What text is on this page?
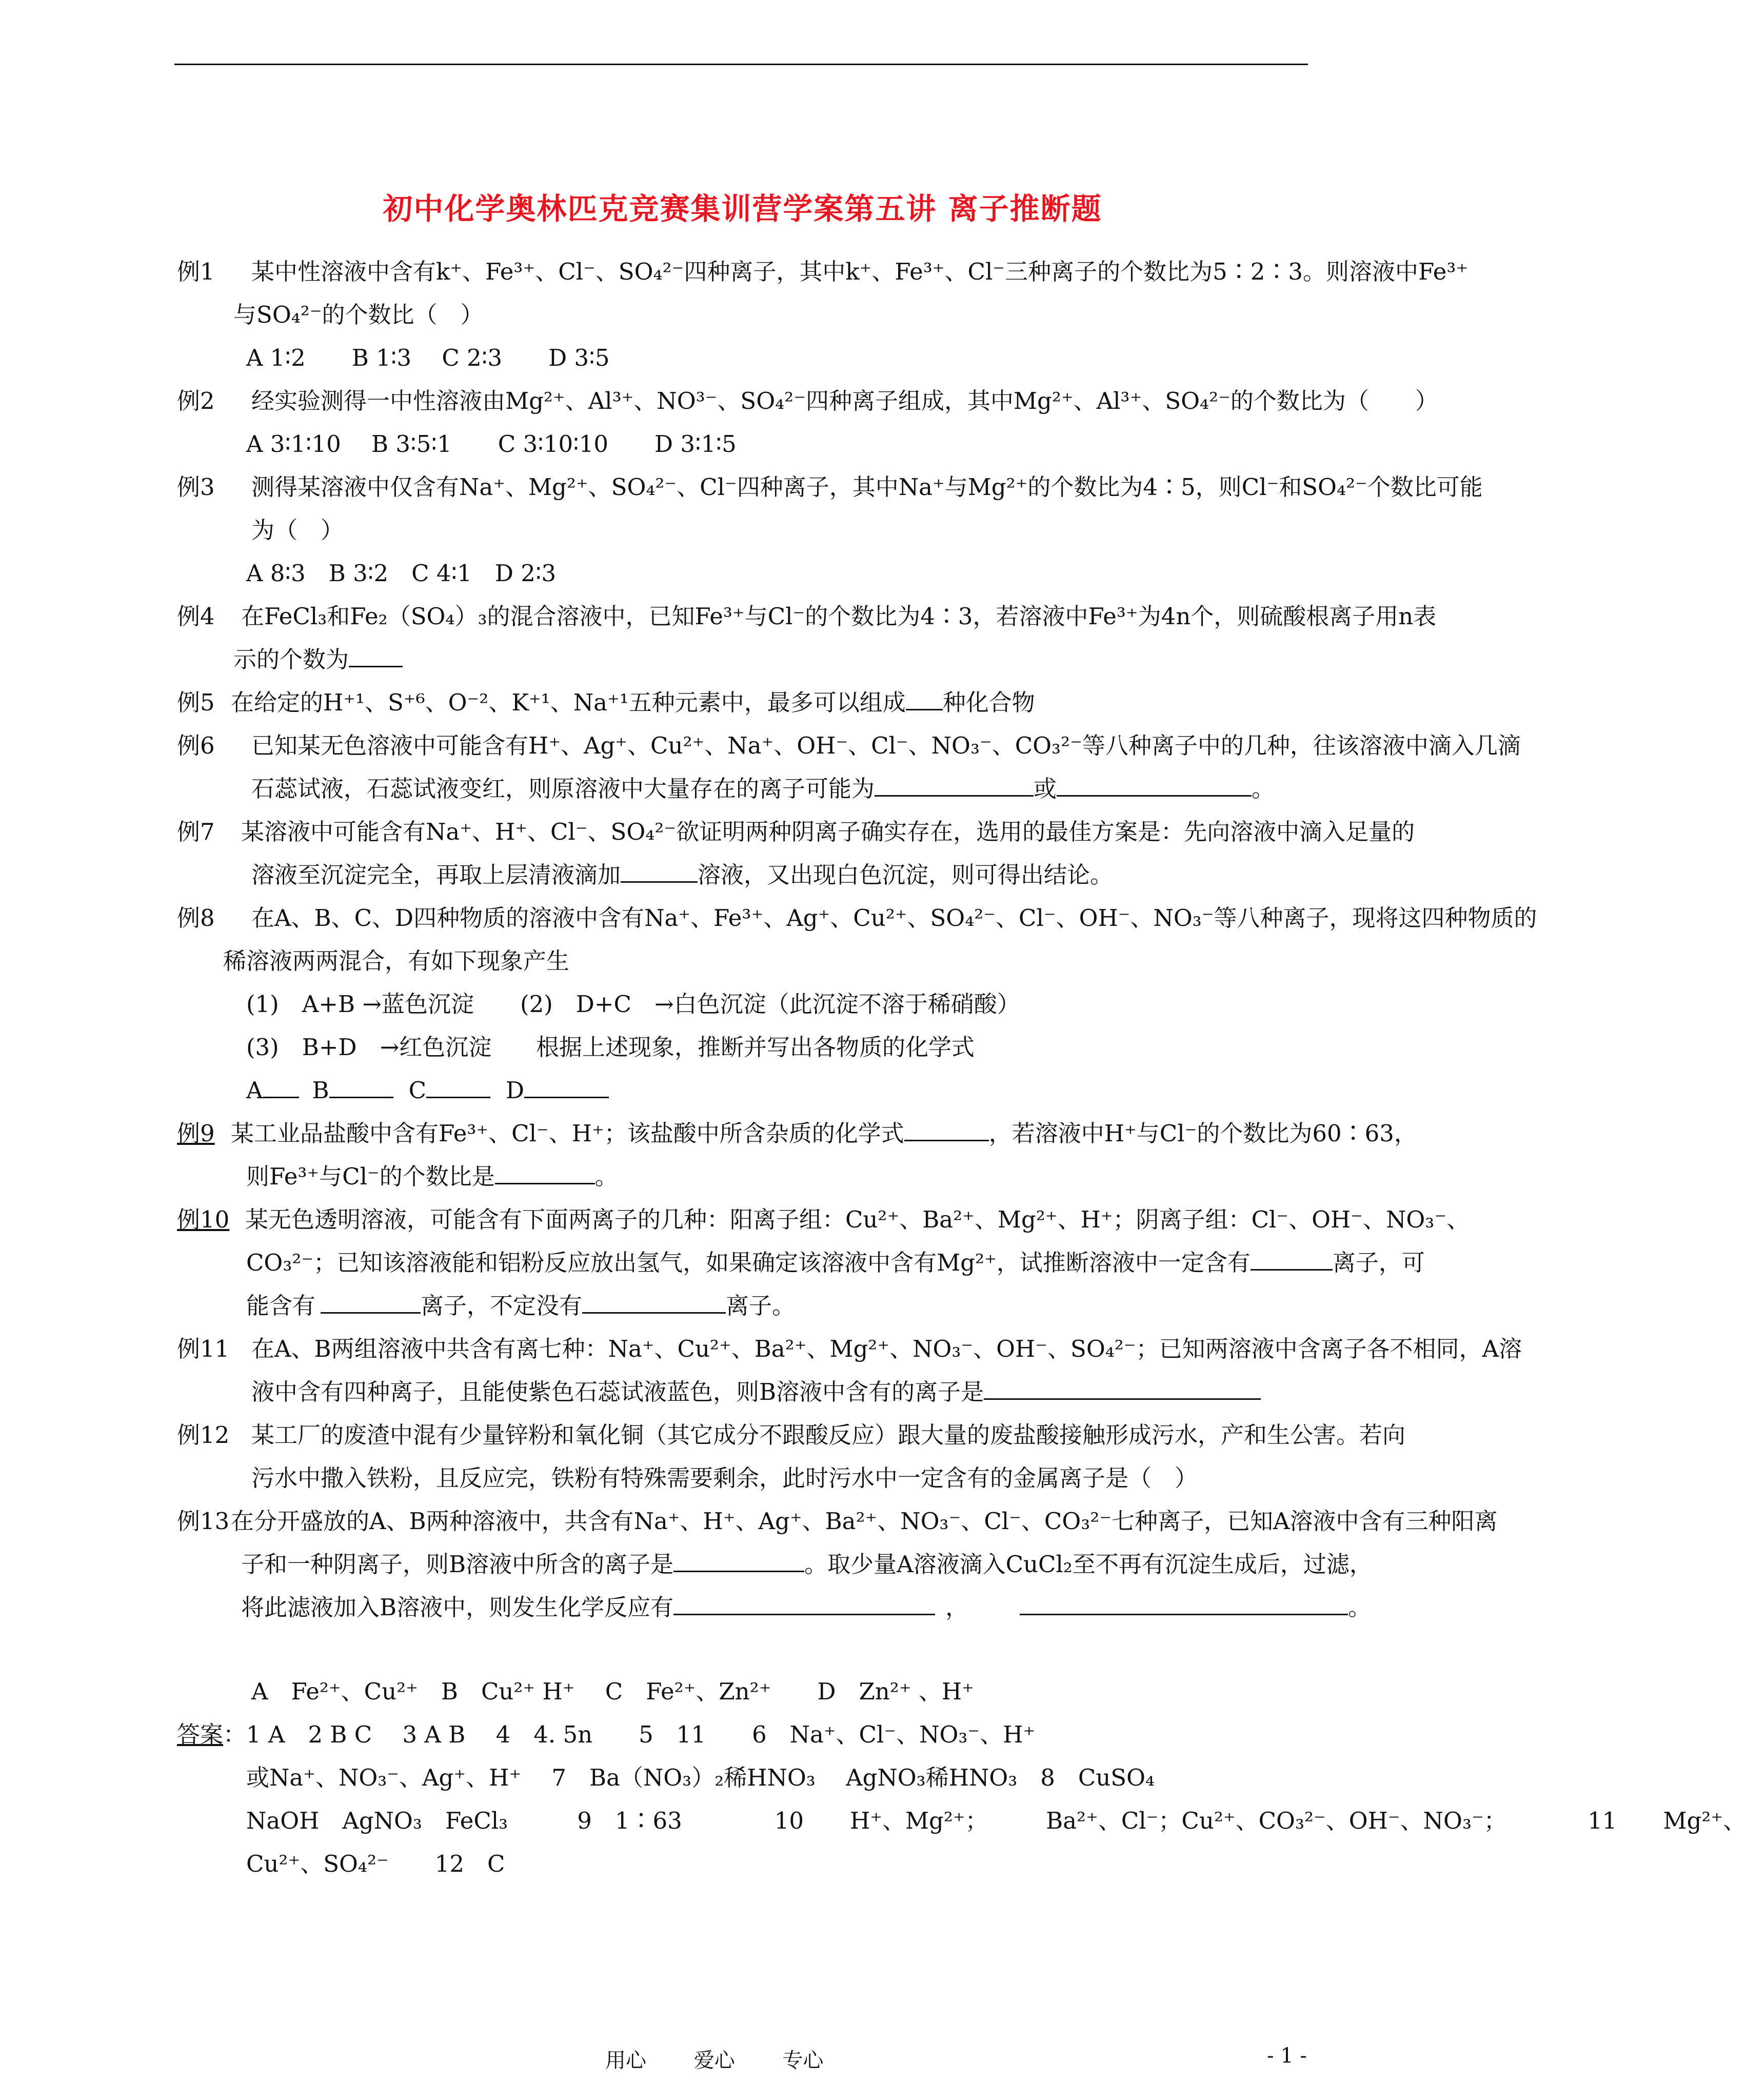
初中化学奥林匹克竞赛集训营学案第五讲 离子推断题
例1 某中性溶液中含有k⁺、Fe³⁺、Cl⁻、SO₄²⁻四种离子，其中k⁺、Fe³⁺、Cl⁻三种离子的个数比为5∶2∶3。则溶液中Fe³⁺
与SO₄²⁻的个数比（　）
A 1∶2　　B 1∶3　 C 2∶3　　D 3∶5
例2 经实验测得一中性溶液由Mg²⁺、Al³⁺、NO³⁻、SO₄²⁻四种离子组成，其中Mg²⁺、Al³⁺、SO₄²⁻的个数比为（　　）
A 3∶1∶10　 B 3∶5∶1　　C 3∶10∶10　　D 3∶1∶5
例3 测得某溶液中仅含有Na⁺、Mg²⁺、SO₄²⁻、Cl⁻四种离子，其中Na⁺与Mg²⁺的个数比为4∶5，则Cl⁻和SO₄²⁻个数比可能
为（　）
A 8∶3　B 3∶2　C 4∶1　D 2∶3
例4 在FeCl₃和Fe₂（SO₄）₃的混合溶液中，已知Fe³⁺与Cl⁻的个数比为4∶3，若溶液中Fe³⁺为4n个，则硫酸根离子用n表
示的个数为
例5 在给定的H⁺¹、S⁺⁶、O⁻²、K⁺¹、Na⁺¹五种元素中，最多可以组成 种化合物
例6 已知某无色溶液中可能含有H⁺、Ag⁺、Cu²⁺、Na⁺、OH⁻、Cl⁻、NO₃⁻、CO₃²⁻等八种离子中的几种，往该溶液中滴入几滴
石蕊试液，石蕊试液变红，则原溶液中大量存在的离子可能为	或	。
例7 某溶液中可能含有Na⁺、H⁺、Cl⁻、SO₄²⁻欲证明两种阴离子确实存在，选用的最佳方案是：先向溶液中滴入足量的
溶液至沉淀完全，再取上层清液滴加	溶液，又出现白色沉淀，则可得出结论。
例8 在A、B、C、D四种物质的溶液中含有Na⁺、Fe³⁺、Ag⁺、Cu²⁺、SO₄²⁻、Cl⁻、OH⁻、NO₃⁻等八种离子，现将这四种物质的
稀溶液两两混合，有如下现象产生
(1)　A+B →蓝色沉淀　　(2)　D+C　→白色沉淀（此沉淀不溶于稀硝酸）
(3)　B+D　→红色沉淀 根据上述现象，推断并写出各物质的化学式
A B	C	D
例9 某工业品盐酸中含有Fe³⁺、Cl⁻、H⁺；该盐酸中所含杂质的化学式	，若溶液中H⁺与Cl⁻的个数比为60∶63，
则Fe³⁺与Cl⁻的个数比是	。
例10 某无色透明溶液，可能含有下面两离子的几种：阳离子组：Cu²⁺、Ba²⁺、Mg²⁺、H⁺；阴离子组：Cl⁻、OH⁻、NO₃⁻、
CO₃²⁻；已知该溶液能和铝粉反应放出氢气，如果确定该溶液中含有Mg²⁺，试推断溶液中一定含有	离子，可
能含有	离子，不定没有	离子。
例11 在A、B两组溶液中共含有离七种：Na⁺、Cu²⁺、Ba²⁺、Mg²⁺、NO₃⁻、OH⁻、SO₄²⁻；已知两溶液中含离子各不相同，A溶
液中含有四种离子，且能使紫色石蕊试液蓝色，则B溶液中含有的离子是
例12 某工厂的废渣中混有少量锌粉和氧化铜（其它成分不跟酸反应）跟大量的废盐酸接触形成污水，产和生公害。若向
污水中撒入铁粉，且反应完，铁粉有特殊需要剩余，此时污水中一定含有的金属离子是（　）
例13 在分开盛放的A、B两种溶液中，共含有Na⁺、H⁺、Ag⁺、Ba²⁺、NO₃⁻、Cl⁻、CO₃²⁻七种离子，已知A溶液中含有三种阳离
子和一种阴离子，则B溶液中所含的离子是	。取少量A溶液滴入CuCl₂至不再有沉淀生成后，过滤，
将此滤液加入B溶液中，则发生化学反应有	，	。
A　Fe²⁺、Cu²⁺　B　Cu²⁺ H⁺　 C　Fe²⁺、Zn²⁺　　D　Zn²⁺ 、H⁺
答案：1 A　2 B C　 3 A B　 4　4. 5n　　5　11　　6　Na⁺、Cl⁻、NO₃⁻、H⁺
或Na⁺、NO₃⁻、Ag⁺、H⁺　 7　Ba（NO₃）₂稀HNO₃　 AgNO₃稀HNO₃　8　CuSO₄
NaOH　AgNO₃　FeCl₃　　　9　1∶63　　　　10　　H⁺、Mg²⁺；　　　Ba²⁺、Cl⁻；Cu²⁺、CO₃²⁻、OH⁻、NO₃⁻；　　　　11　　Mg²⁺、
Cu²⁺、SO₄²⁻　　12　C
用心　　 爱心　　 专心	- 1 -
